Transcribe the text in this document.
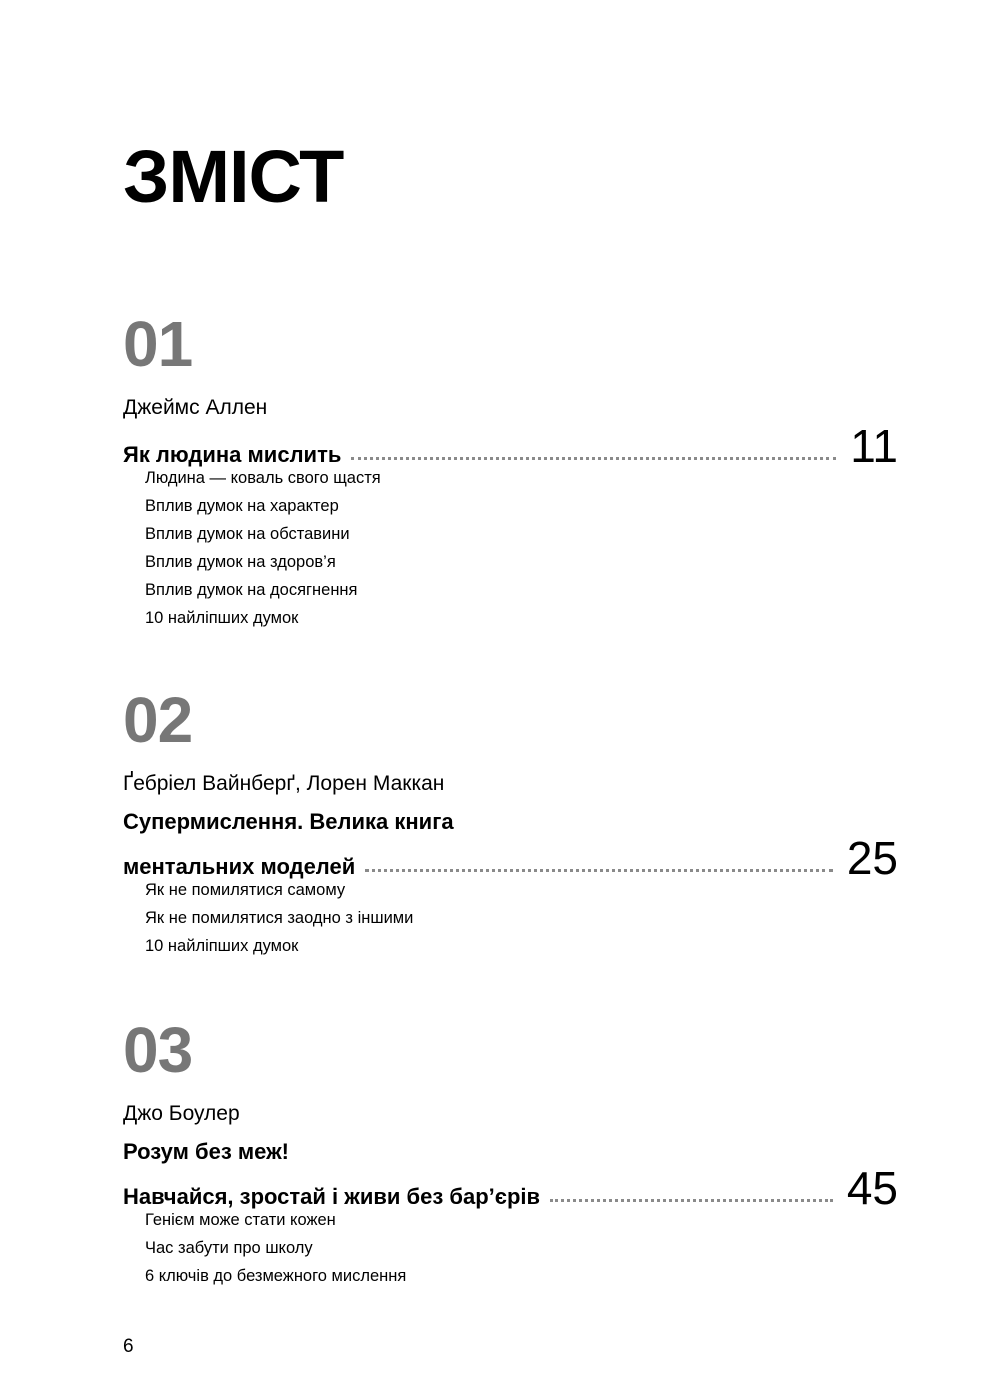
ЗМІСТ
01
Джеймс Аллен
Як людина мислить	11
Людина — коваль свого щастя
Вплив думок на характер
Вплив думок на обставини
Вплив думок на здоров’я
Вплив думок на досягнення
10 найліпших думок
02
Ґебріел Вайнберґ, Лорен Маккан
Супермислення. Велика книга
ментальних моделей	25
Як не помилятися самому
Як не помилятися заодно з іншими
10 найліпших думок
03
Джо Боулер
Розум без меж!
Навчайся, зростай і живи без бар’єрів	45
Генієм може стати кожен
Час забути про школу
6 ключів до безмежного мислення
6
